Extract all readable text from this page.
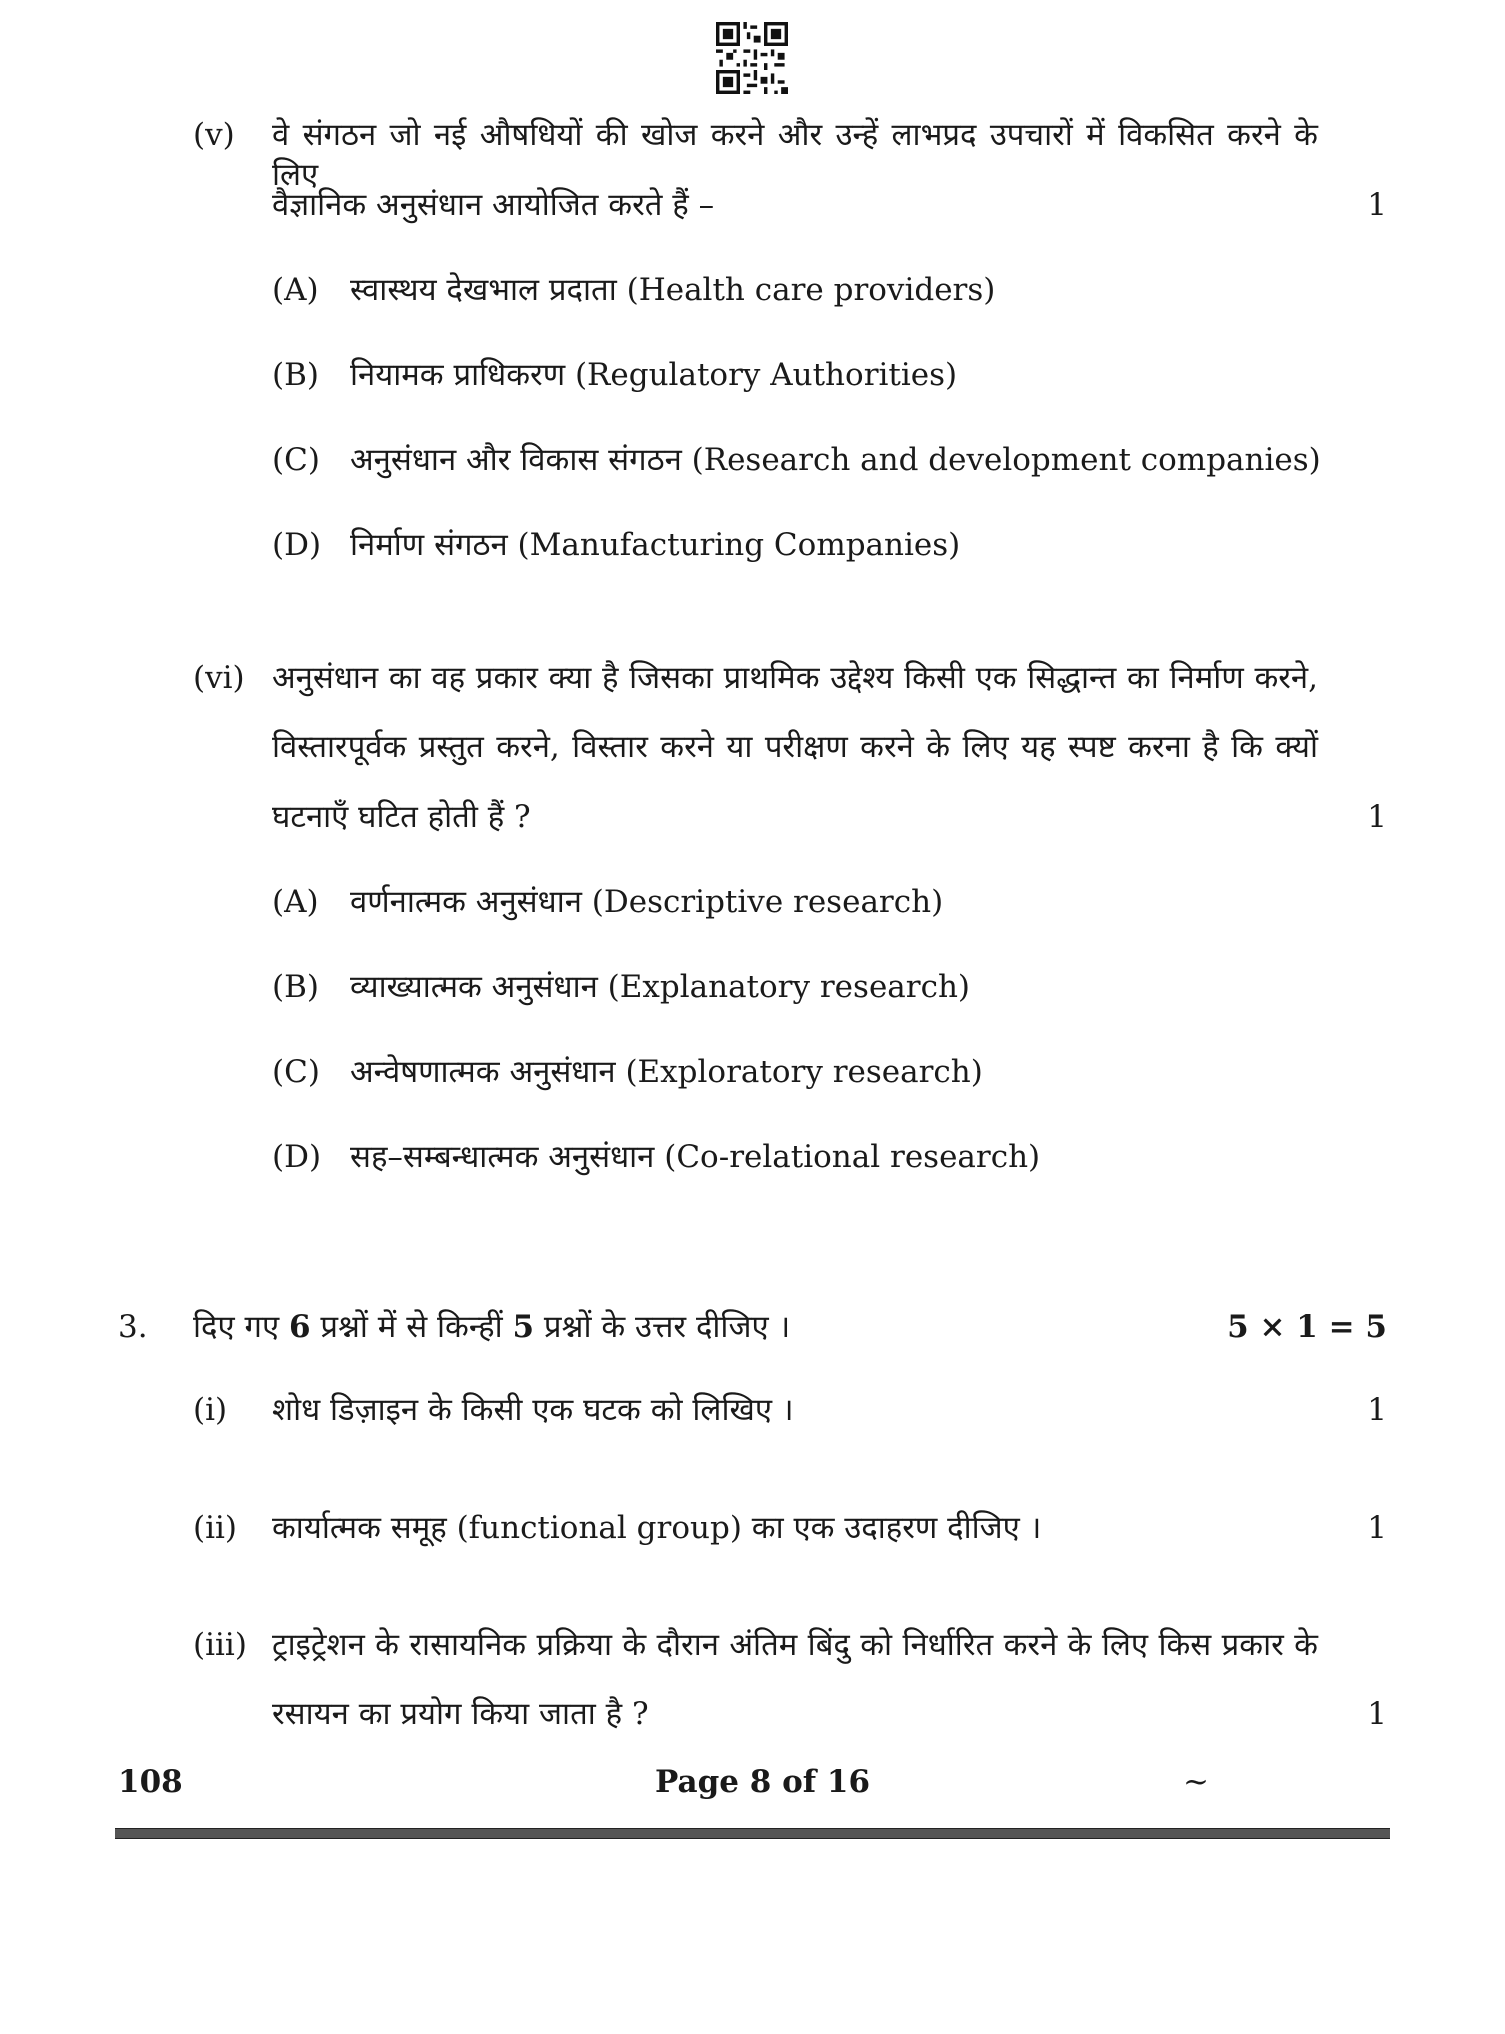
(v) वे संगठन जो नई औषधियों की खोज करने और उन्हें लाभप्रद उपचारों में विकसित करने के लिए
वैज्ञानिक अनुसंधान आयोजित करते हैं –	1
(A) स्वास्थय देखभाल प्रदाता (Health care providers)
(B) नियामक प्राधिकरण (Regulatory Authorities)
(C) अनुसंधान और विकास संगठन (Research and development companies)
(D) निर्माण संगठन (Manufacturing Companies)
(vi) अनुसंधान का वह प्रकार क्या है जिसका प्राथमिक उद्देश्य किसी एक सिद्धान्त का निर्माण करने,
विस्तारपूर्वक प्रस्तुत करने, विस्तार करने या परीक्षण करने के लिए यह स्पष्ट करना है कि क्यों
घटनाएँ घटित होती हैं ?	1
(A) वर्णनात्मक अनुसंधान (Descriptive research)
(B) व्याख्यात्मक अनुसंधान (Explanatory research)
(C) अन्वेषणात्मक अनुसंधान (Exploratory research)
(D) सह–सम्बन्धात्मक अनुसंधान (Co-relational research)
3. दिए गए 6 प्रश्नों में से किन्हीं 5 प्रश्नों के उत्तर दीजिए ।	5 × 1 = 5
(i) शोध डिज़ाइन के किसी एक घटक को लिखिए ।	1
(ii) कार्यात्मक समूह (functional group) का एक उदाहरण दीजिए ।	1
(iii) ट्राइट्रेशन के रासायनिक प्रक्रिया के दौरान अंतिम बिंदु को निर्धारित करने के लिए किस प्रकार के
रसायन का प्रयोग किया जाता है ?	1
108	Page 8 of 16	~
